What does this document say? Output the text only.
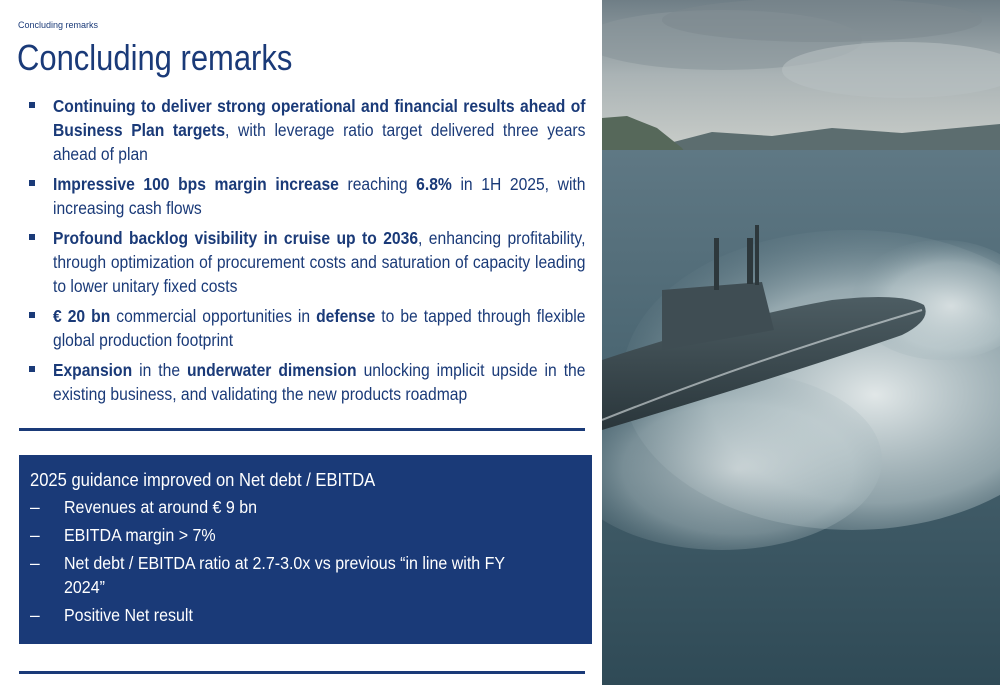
Concluding remarks
Concluding remarks
Continuing to deliver strong operational and financial results ahead of Business Plan targets, with leverage ratio target delivered three years ahead of plan
Impressive 100 bps margin increase reaching 6.8% in 1H 2025, with increasing cash flows
Profound backlog visibility in cruise up to 2036, enhancing profitability, through optimization of procurement costs and saturation of capacity leading to lower unitary fixed costs
€ 20 bn commercial opportunities in defense to be tapped through flexible global production footprint
Expansion in the underwater dimension unlocking implicit upside in the existing business, and validating the new products roadmap
2025 guidance improved on Net debt / EBITDA
– Revenues at around € 9 bn
– EBITDA margin > 7%
– Net debt / EBITDA ratio at 2.7-3.0x vs previous “in line with FY 2024”
– Positive Net result
